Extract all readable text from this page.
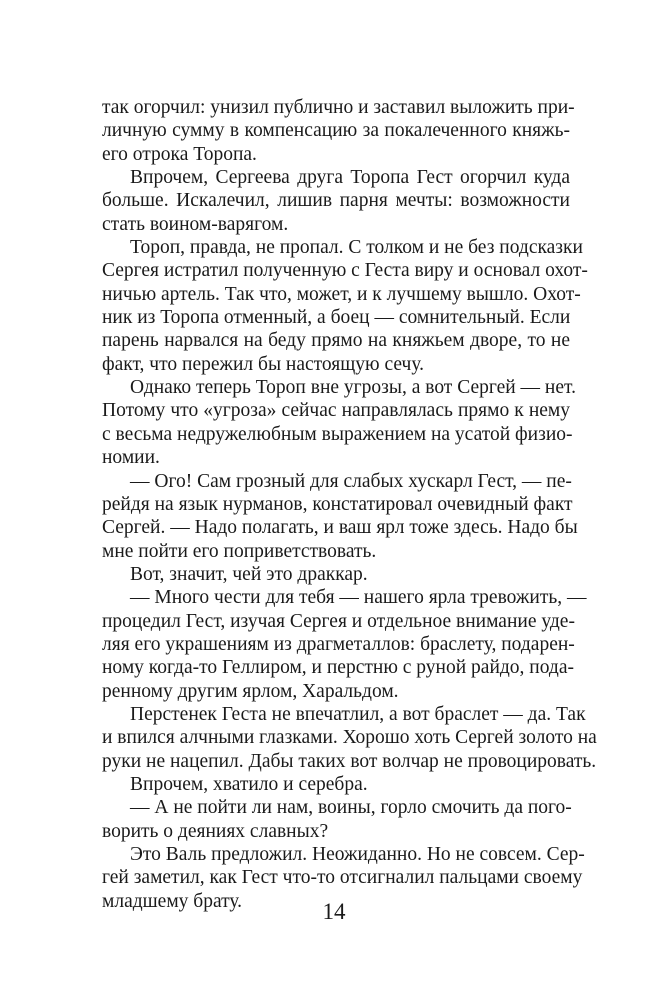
так огорчил: унизил публично и заставил выложить при-
личную сумму в компенсацию за покалеченного княжь-
его отрока Торопа.
Впрочем, Сергеева друга Торопа Гест огорчил куда
больше. Искалечил, лишив парня мечты: возможности
стать воином-варягом.
Тороп, правда, не пропал. С толком и не без подсказки
Сергея истратил полученную с Геста виру и основал охот-
ничью артель. Так что, может, и к лучшему вышло. Охот-
ник из Торопа отменный, а боец — сомнительный. Если
парень нарвался на беду прямо на княжьем дворе, то не
факт, что пережил бы настоящую сечу.
Однако теперь Тороп вне угрозы, а вот Сергей — нет.
Потому что «угроза» сейчас направлялась прямо к нему
с весьма недружелюбным выражением на усатой физио-
номии.
— Ого! Сам грозный для слабых хускарл Гест, — пе-
рейдя на язык нурманов, констатировал очевидный факт
Сергей. — Надо полагать, и ваш ярл тоже здесь. Надо бы
мне пойти его поприветствовать.
Вот, значит, чей это драккар.
— Много чести для тебя — нашего ярла тревожить, —
процедил Гест, изучая Сергея и отдельное внимание уде-
ляя его украшениям из драгметаллов: браслету, подарен-
ному когда-то Геллиром, и перстню с руной райдо, пода-
ренному другим ярлом, Харальдом.
Перстенек Геста не впечатлил, а вот браслет — да. Так
и впился алчными глазками. Хорошо хоть Сергей золото на
руки не нацепил. Дабы таких вот волчар не провоцировать.
Впрочем, хватило и серебра.
— А не пойти ли нам, воины, горло смочить да пого-
ворить о деяниях славных?
Это Валь предложил. Неожиданно. Но не совсем. Сер-
гей заметил, как Гест что-то отсигналил пальцами своему
младшему брату.	14
